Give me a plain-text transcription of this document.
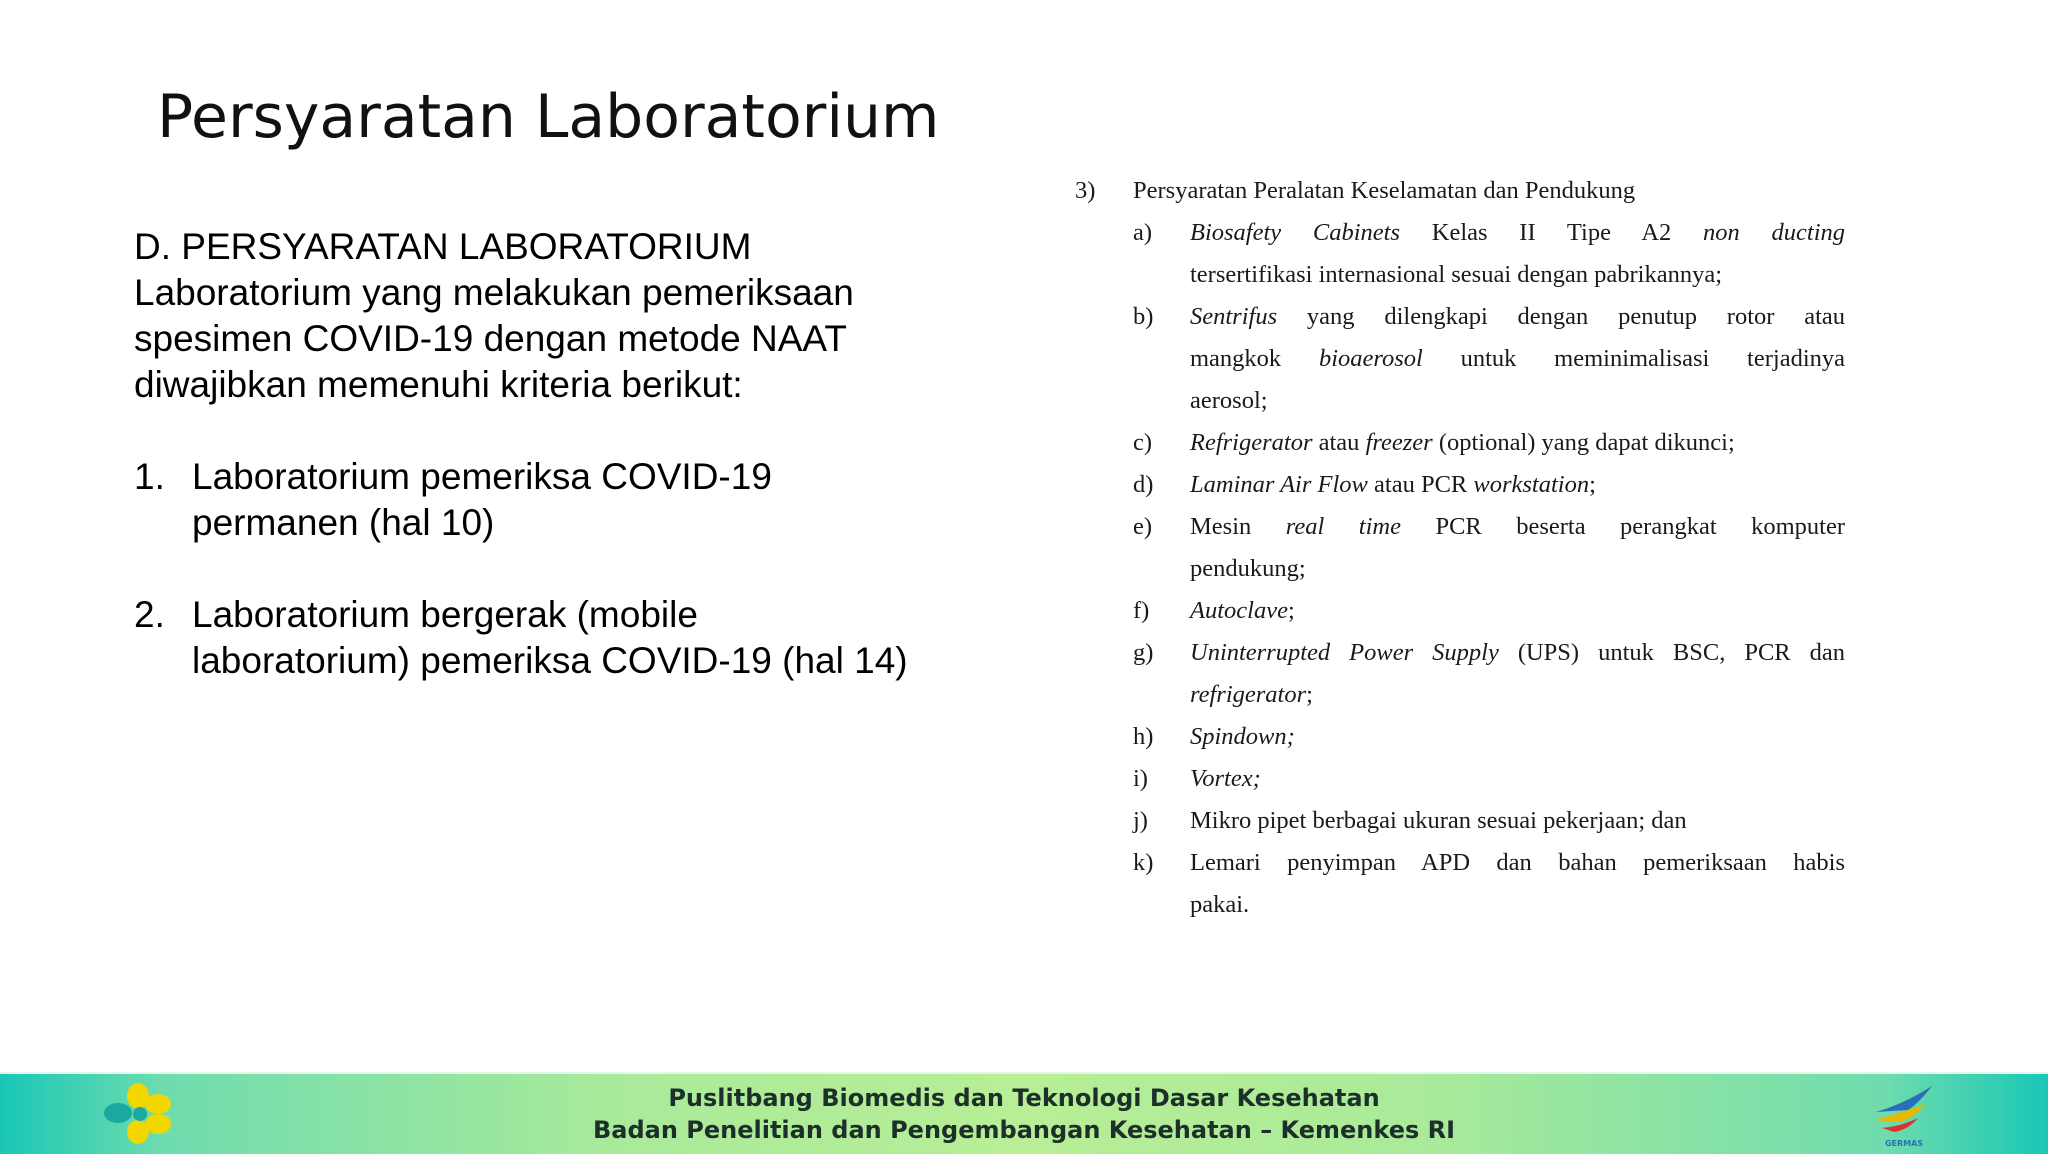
Persyaratan Laboratorium
D. PERSYARATAN LABORATORIUM
Laboratorium yang melakukan pemeriksaan
spesimen COVID-19 dengan metode NAAT
diwajibkan memenuhi kriteria berikut:
1. Laboratorium pemeriksa COVID-19
permanen (hal 10)
2. Laboratorium bergerak (mobile
laboratorium) pemeriksa COVID-19 (hal 14)
3) Persyaratan Peralatan Keselamatan dan Pendukung
a) Biosafety Cabinets Kelas II Tipe A2 non ducting
tersertifikasi internasional sesuai dengan pabrikannya;
b) Sentrifus yang dilengkapi dengan penutup rotor atau
mangkok bioaerosol untuk meminimalisasi terjadinya
aerosol;
c) Refrigerator atau freezer (optional) yang dapat dikunci;
d) Laminar Air Flow atau PCR workstation;
e) Mesin real time PCR beserta perangkat komputer
pendukung;
f) Autoclave;
g) Uninterrupted Power Supply (UPS) untuk BSC, PCR dan
refrigerator;
h) Spindown;
i) Vortex;
j) Mikro pipet berbagai ukuran sesuai pekerjaan; dan
k) Lemari penyimpan APD dan bahan pemeriksaan habis
pakai.
Puslitbang Biomedis dan Teknologi Dasar Kesehatan
Badan Penelitian dan Pengembangan Kesehatan – Kemenkes RI	GERMAS
